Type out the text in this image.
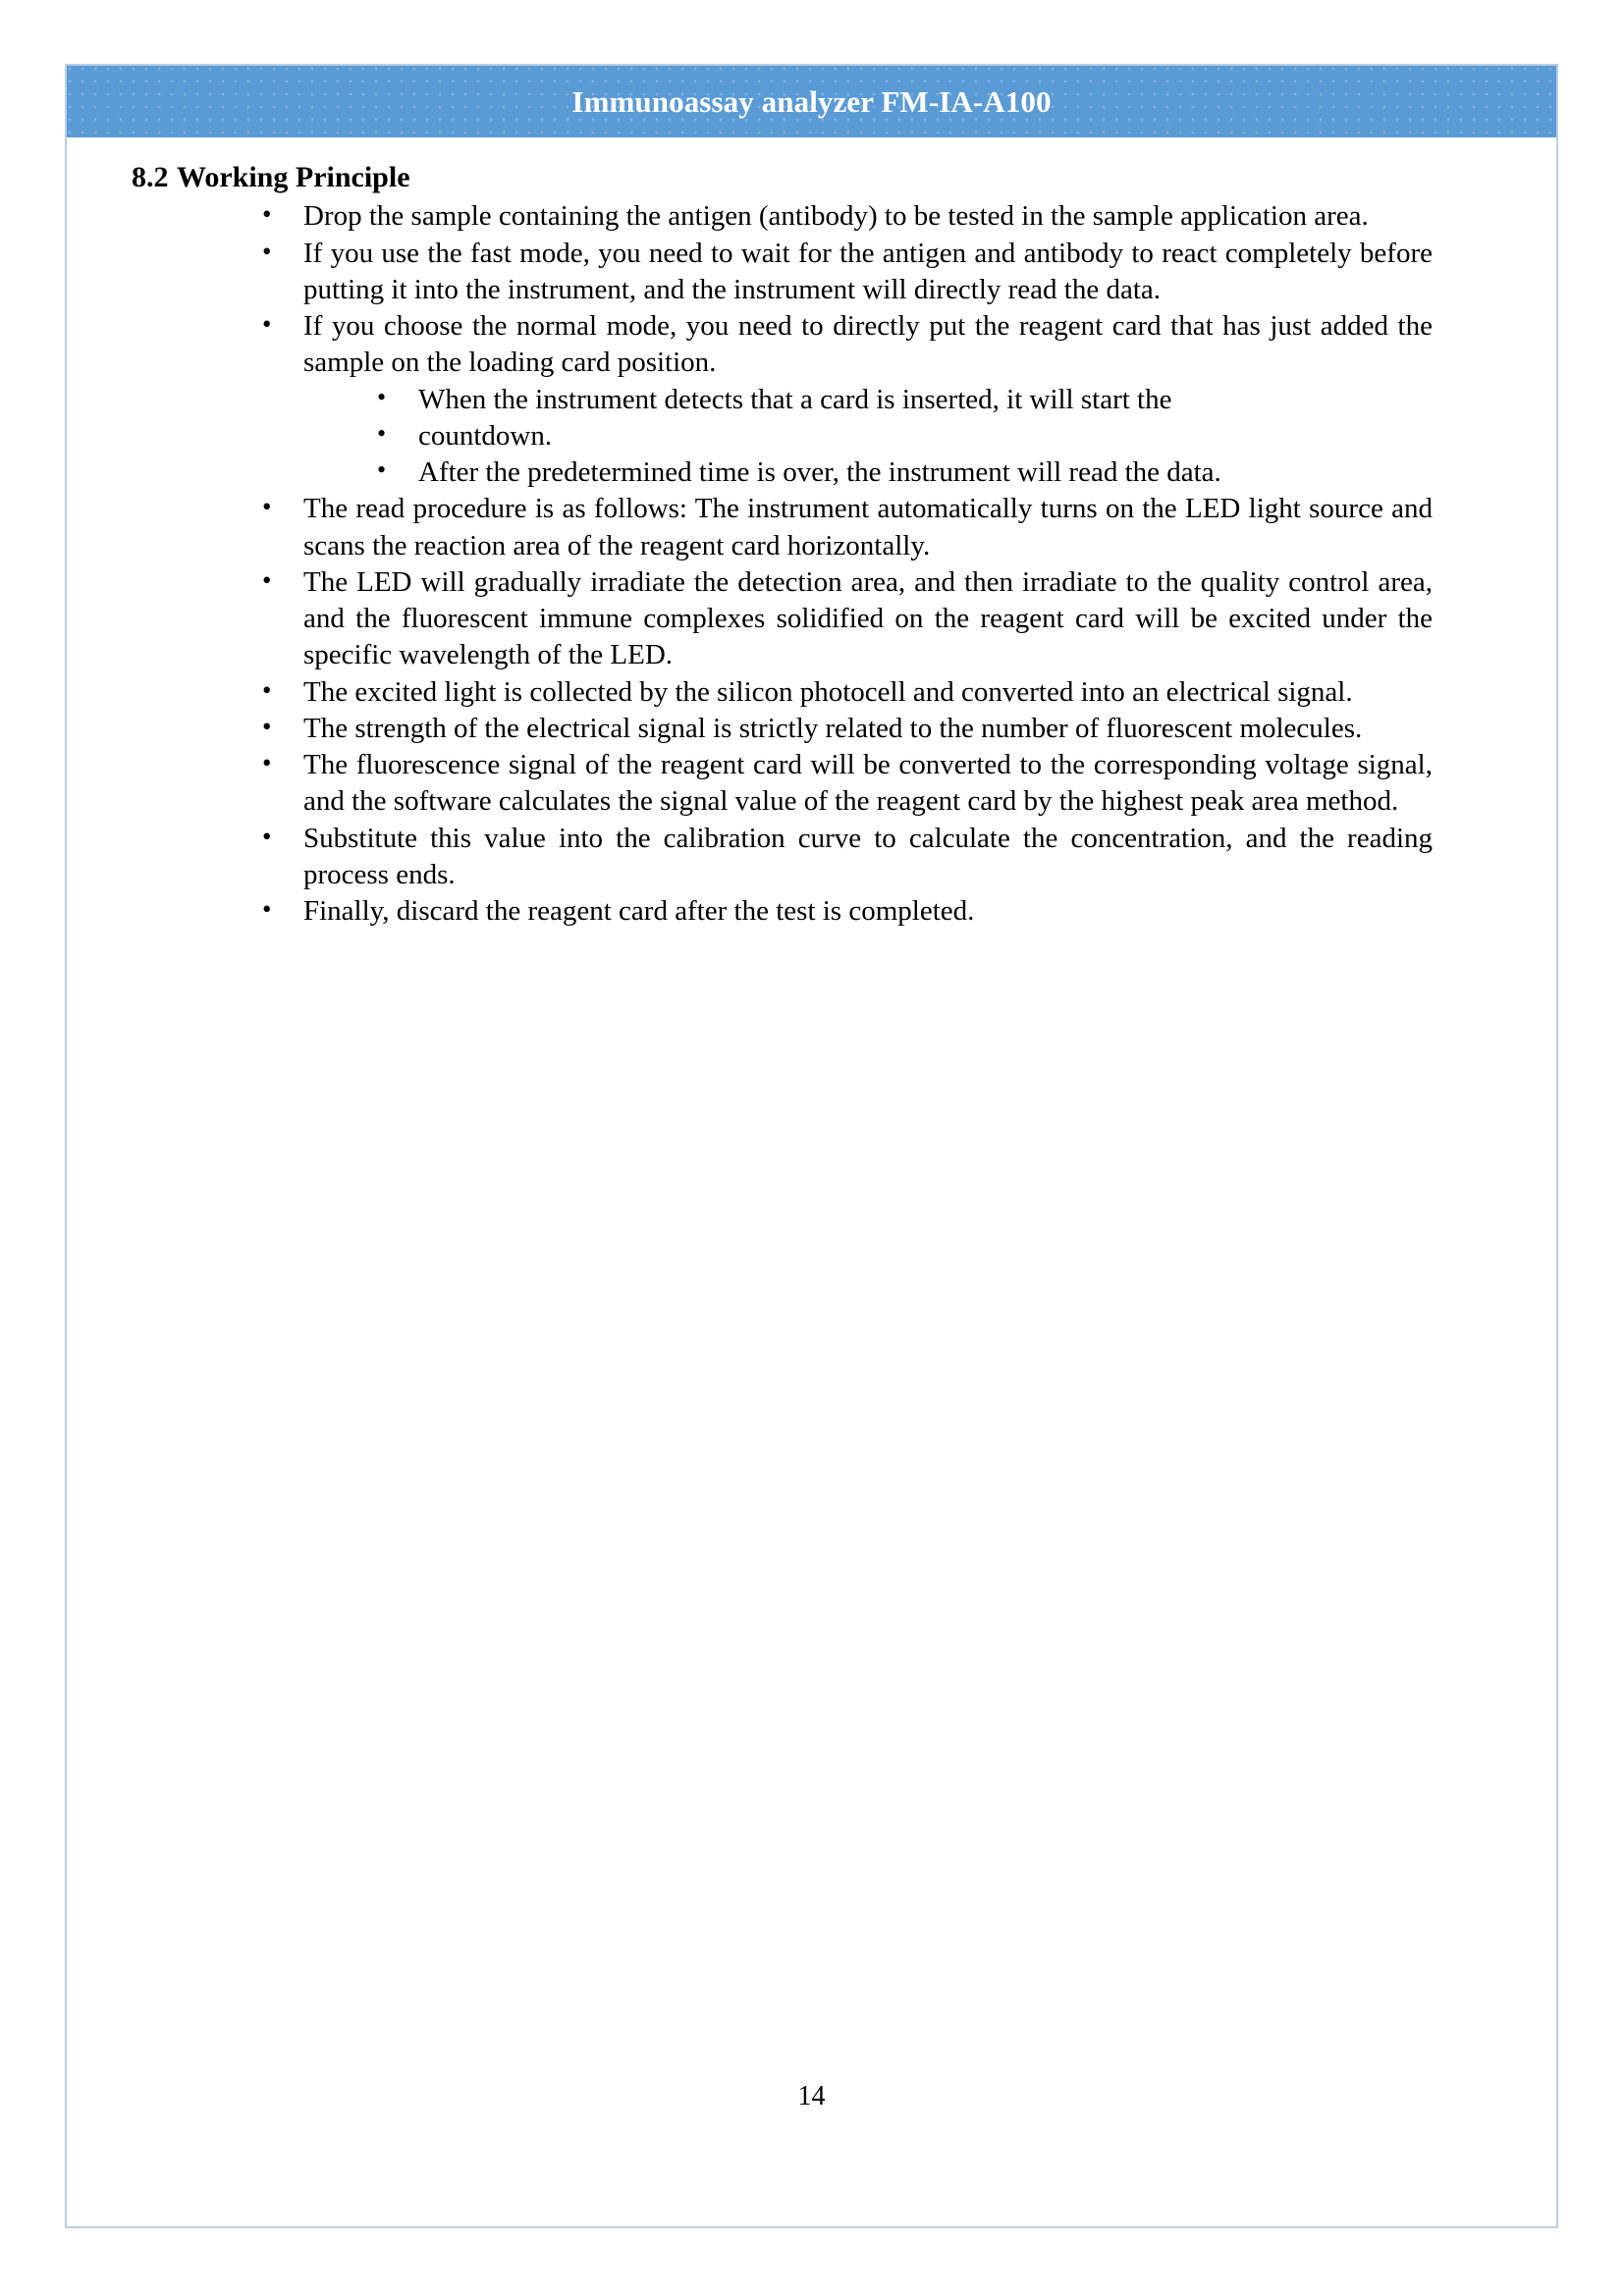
Immunoassay analyzer FM-IA-A100
8.2 Working Principle
• Drop the sample containing the antigen (antibody) to be tested in the sample application area.
• If you use the fast mode, you need to wait for the antigen and antibody to react completely before putting it into the instrument, and the instrument will directly read the data.
• If you choose the normal mode, you need to directly put the reagent card that has just added the sample on the loading card position.
• When the instrument detects that a card is inserted, it will start the
• countdown.
• After the predetermined time is over, the instrument will read the data.
• The read procedure is as follows: The instrument automatically turns on the LED light source and scans the reaction area of the reagent card horizontally.
• The LED will gradually irradiate the detection area, and then irradiate to the quality control area, and the fluorescent immune complexes solidified on the reagent card will be excited under the specific wavelength of the LED.
• The excited light is collected by the silicon photocell and converted into an electrical signal.
• The strength of the electrical signal is strictly related to the number of fluorescent molecules.
• The fluorescence signal of the reagent card will be converted to the corresponding voltage signal, and the software calculates the signal value of the reagent card by the highest peak area method.
• Substitute this value into the calibration curve to calculate the concentration, and the reading process ends.
• Finally, discard the reagent card after the test is completed.
14
